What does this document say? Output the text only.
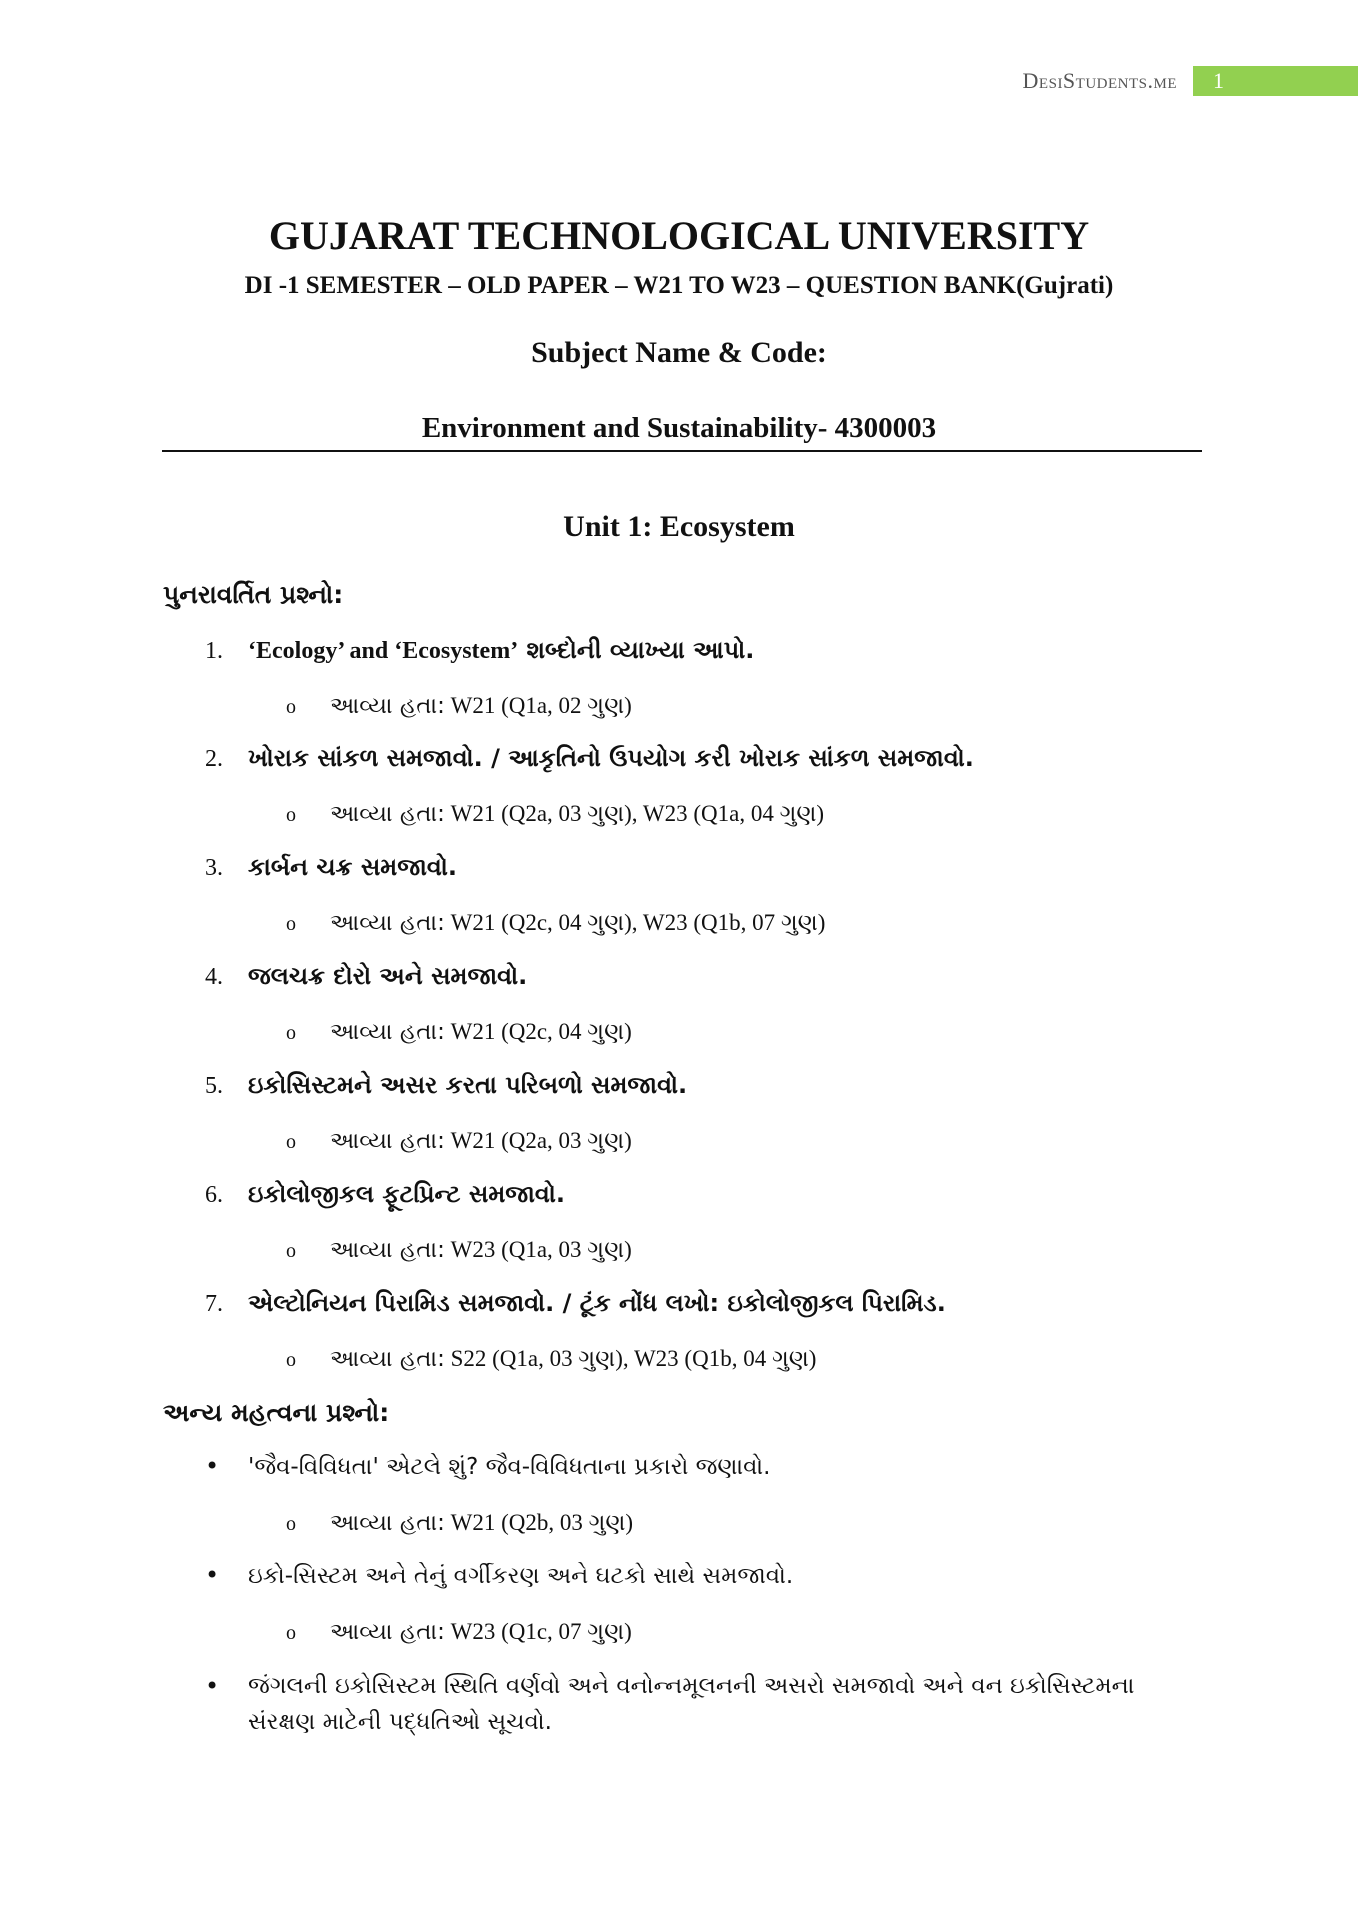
DesiStudents.me	1
GUJARAT TECHNOLOGICAL UNIVERSITY
DI -1 SEMESTER – OLD PAPER – W21 TO W23 – QUESTION BANK(Gujrati)
Subject Name & Code:
Environment and Sustainability- 4300003
Unit 1: Ecosystem
પુનરાવર્તિત પ્રશ્નો:
1. ‘Ecology’ and ‘Ecosystem’ શબ્દોની વ્યાખ્યા આપો.
o આવ્યા હતા: W21 (Q1a, 02 ગુણ)
2. ખોરાક સાંકળ સમજાવો. / આકૃતિનો ઉપયોગ કરી ખોરાક સાંકળ સમજાવો.
o આવ્યા હતા: W21 (Q2a, 03 ગુણ), W23 (Q1a, 04 ગુણ)
3. કાર્બન ચક્ર સમજાવો.
o આવ્યા હતા: W21 (Q2c, 04 ગુણ), W23 (Q1b, 07 ગુણ)
4. જલચક્ર દોરો અને સમજાવો.
o આવ્યા હતા: W21 (Q2c, 04 ગુણ)
5. ઇકોસિસ્ટમને અસર કરતા પરિબળો સમજાવો.
o આવ્યા હતા: W21 (Q2a, 03 ગુણ)
6. ઇકોલોજીકલ ફૂટપ્રિન્ટ સમજાવો.
o આવ્યા હતા: W23 (Q1a, 03 ગુણ)
7. એલ્ટોનિયન પિરામિડ સમજાવો. / ટૂંક નોંધ લખો: ઇકોલોજીકલ પિરામિડ.
o આવ્યા હતા: S22 (Q1a, 03 ગુણ), W23 (Q1b, 04 ગુણ)
અન્ય મહત્વના પ્રશ્નો:
• 'જૈવ-વિવિધતા' એટલે શું? જૈવ-વિવિધતાના પ્રકારો જણાવો.
o આવ્યા હતા: W21 (Q2b, 03 ગુણ)
• ઇકો-સિસ્ટમ અને તેનું વર્ગીકરણ અને ઘટકો સાથે સમજાવો.
o આવ્યા હતા: W23 (Q1c, 07 ગુણ)
• જંગલની ઇકોસિસ્ટમ સ્થિતિ વર્ણવો અને વનોન્નમૂલનની અસરો સમજાવો અને વન ઇકોસિસ્ટમના સંરક્ષણ માટેની પદ્ધતિઓ સૂચવો.
